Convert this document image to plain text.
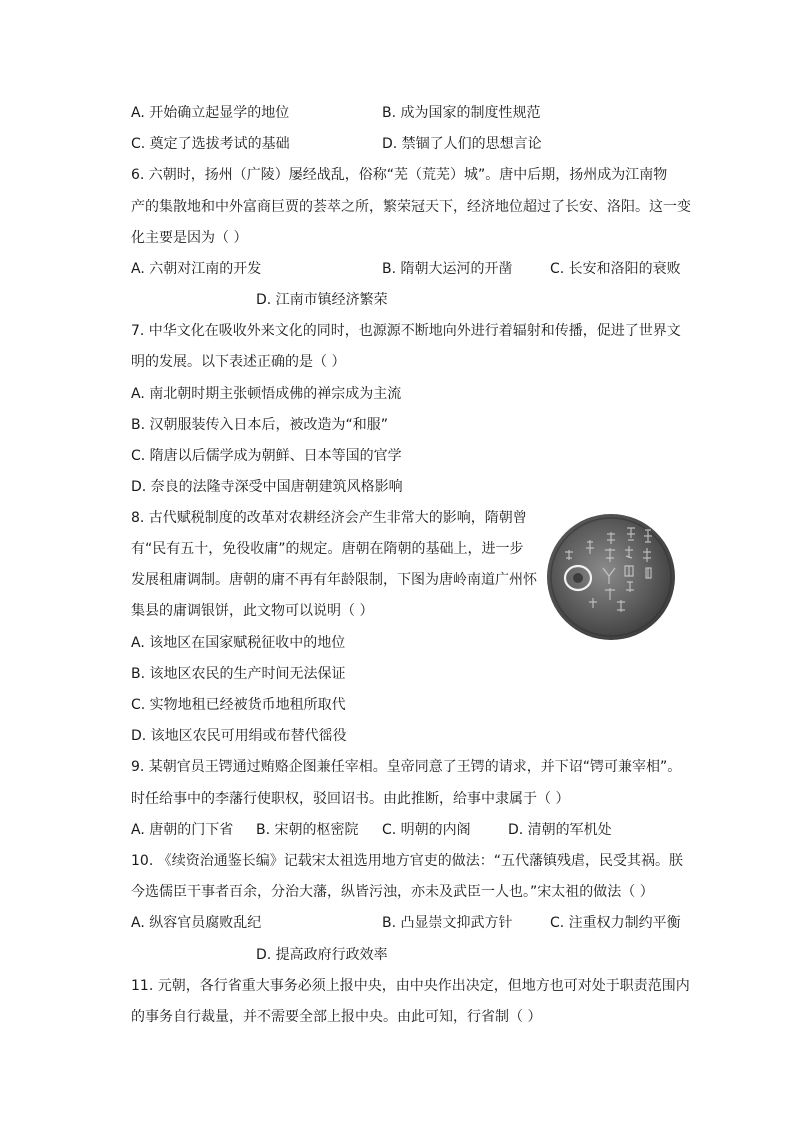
A. 开始确立起显学的地位	B. 成为国家的制度性规范
C. 奠定了选拔考试的基础	D. 禁锢了人们的思想言论
6. 六朝时，扬州（广陵）屡经战乱，俗称“芜（荒芜）城”。唐中后期，扬州成为江南物
产的集散地和中外富商巨贾的荟萃之所，繁荣冠天下，经济地位超过了长安、洛阳。这一变
化主要是因为（ ）
A. 六朝对江南的开发	B. 隋朝大运河的开凿	C. 长安和洛阳的衰败
D. 江南市镇经济繁荣
7. 中华文化在吸收外来文化的同时，也源源不断地向外进行着辐射和传播，促进了世界文
明的发展。以下表述正确的是（ ）
A. 南北朝时期主张顿悟成佛的禅宗成为主流
B. 汉朝服装传入日本后，被改造为“和服”
C. 隋唐以后儒学成为朝鲜、日本等国的官学
D. 奈良的法隆寺深受中国唐朝建筑风格影响
8. 古代赋税制度的改革对农耕经济会产生非常大的影响，隋朝曾
有“民有五十，免役收庸”的规定。唐朝在隋朝的基础上，进一步
发展租庸调制。唐朝的庸不再有年龄限制，下图为唐岭南道广州怀
集县的庸调银饼，此文物可以说明（ ）
A. 该地区在国家赋税征收中的地位
B. 该地区农民的生产时间无法保证
C. 实物地租已经被货币地租所取代
D. 该地区农民可用绢或布替代徭役
9. 某朝官员王锷通过贿赂企图兼任宰相。皇帝同意了王锷的请求，并下诏“锷可兼宰相”。
时任给事中的李藩行使职权，驳回诏书。由此推断，给事中隶属于（ ）
A. 唐朝的门下省 B. 宋朝的枢密院 C. 明朝的内阁	D. 清朝的军机处
10. 《续资治通鉴长编》记载宋太祖选用地方官吏的做法：“五代藩镇残虐，民受其祸。朕
今选儒臣干事者百余，分治大藩，纵皆污浊，亦未及武臣一人也。”宋太祖的做法（ ）
A. 纵容官员腐败乱纪	B. 凸显崇文抑武方针	C. 注重权力制约平衡
D. 提高政府行政效率
11. 元朝，各行省重大事务必须上报中央，由中央作出决定，但地方也可对处于职责范围内
的事务自行裁量，并不需要全部上报中央。由此可知，行省制（ ）
